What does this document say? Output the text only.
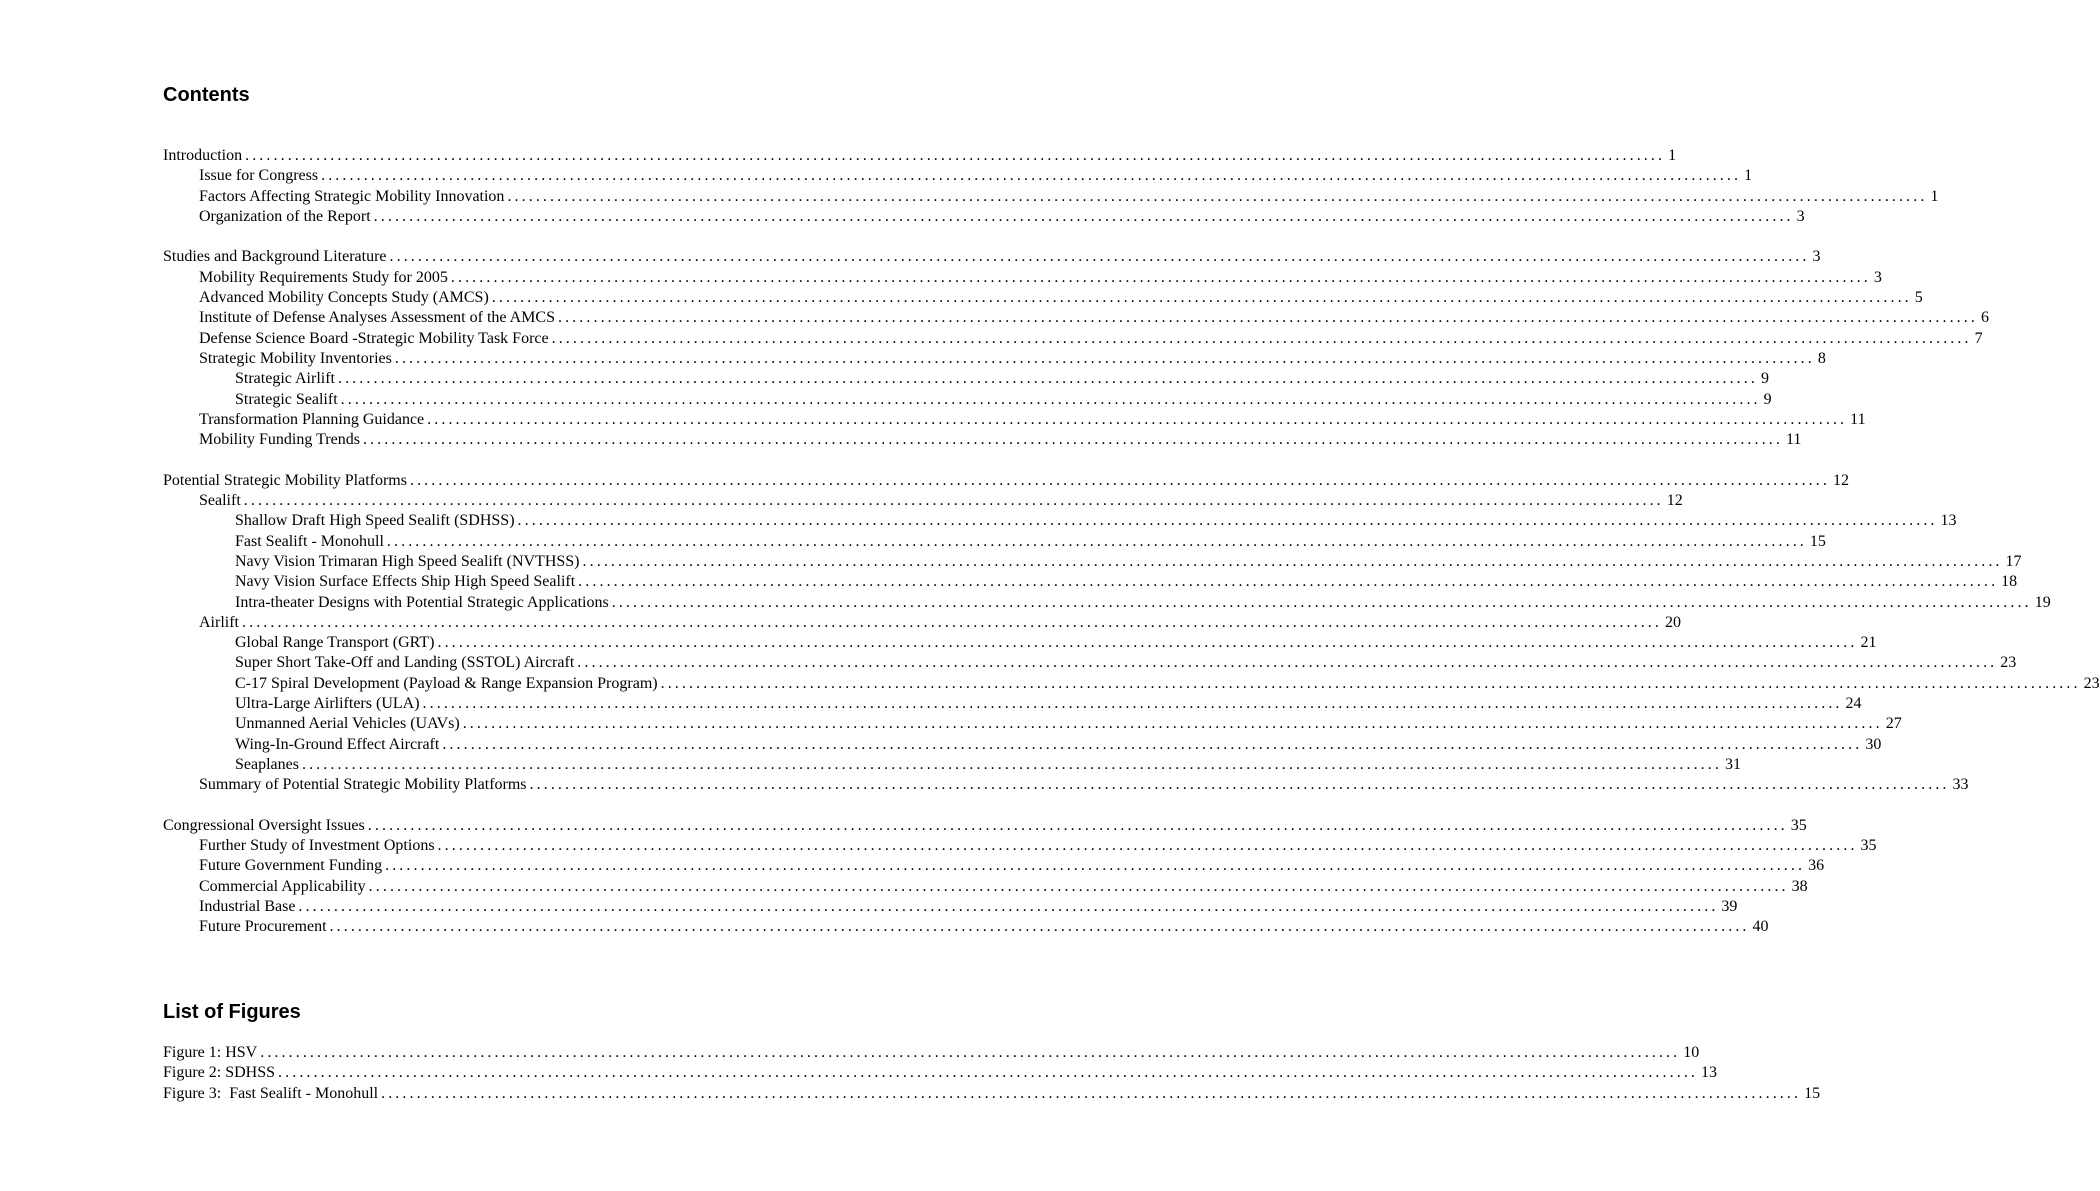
Contents
Introduction ........................................................................................................................................................................................................ 1
Issue for Congress ........................................................................................................................................................................................................ 1
Factors Affecting Strategic Mobility Innovation ........................................................................................................................................................................................................ 1
Organization of the Report ........................................................................................................................................................................................................ 3
Studies and Background Literature ........................................................................................................................................................................................................ 3
Mobility Requirements Study for 2005 ........................................................................................................................................................................................................ 3
Advanced Mobility Concepts Study (AMCS) ........................................................................................................................................................................................................ 5
Institute of Defense Analyses Assessment of the AMCS ........................................................................................................................................................................................................ 6
Defense Science Board -Strategic Mobility Task Force ........................................................................................................................................................................................................ 7
Strategic Mobility Inventories ........................................................................................................................................................................................................ 8
Strategic Airlift ........................................................................................................................................................................................................ 9
Strategic Sealift ........................................................................................................................................................................................................ 9
Transformation Planning Guidance ........................................................................................................................................................................................................ 11
Mobility Funding Trends ........................................................................................................................................................................................................ 11
Potential Strategic Mobility Platforms ........................................................................................................................................................................................................ 12
Sealift ........................................................................................................................................................................................................ 12
Shallow Draft High Speed Sealift (SDHSS) ........................................................................................................................................................................................................ 13
Fast Sealift - Monohull ........................................................................................................................................................................................................ 15
Navy Vision Trimaran High Speed Sealift (NVTHSS) ........................................................................................................................................................................................................ 17
Navy Vision Surface Effects Ship High Speed Sealift ........................................................................................................................................................................................................ 18
Intra-theater Designs with Potential Strategic Applications ........................................................................................................................................................................................................ 19
Airlift ........................................................................................................................................................................................................ 20
Global Range Transport (GRT) ........................................................................................................................................................................................................ 21
Super Short Take-Off and Landing (SSTOL) Aircraft ........................................................................................................................................................................................................ 23
C-17 Spiral Development (Payload & Range Expansion Program) ........................................................................................................................................................................................................ 23
Ultra-Large Airlifters (ULA) ........................................................................................................................................................................................................ 24
Unmanned Aerial Vehicles (UAVs) ........................................................................................................................................................................................................ 27
Wing-In-Ground Effect Aircraft ........................................................................................................................................................................................................ 30
Seaplanes ........................................................................................................................................................................................................ 31
Summary of Potential Strategic Mobility Platforms ........................................................................................................................................................................................................ 33
Congressional Oversight Issues ........................................................................................................................................................................................................ 35
Further Study of Investment Options ........................................................................................................................................................................................................ 35
Future Government Funding ........................................................................................................................................................................................................ 36
Commercial Applicability ........................................................................................................................................................................................................ 38
Industrial Base ........................................................................................................................................................................................................ 39
Future Procurement ........................................................................................................................................................................................................ 40
List of Figures
Figure 1: HSV ........................................................................................................................................................................................................ 10
Figure 2: SDHSS ........................................................................................................................................................................................................ 13
Figure 3:  Fast Sealift - Monohull ........................................................................................................................................................................................................ 15
